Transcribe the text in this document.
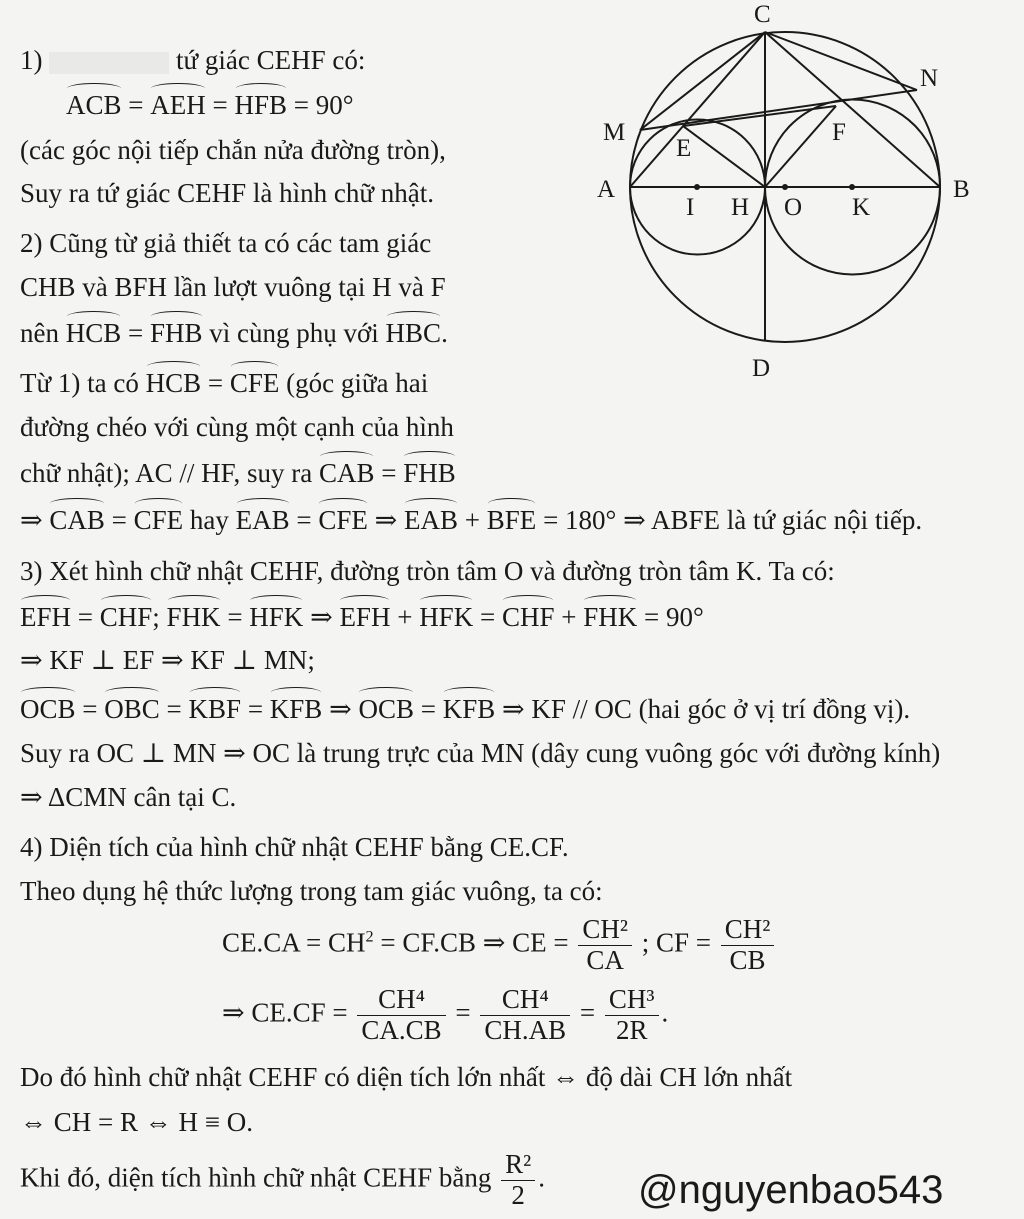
C
N
M
E
F
A	B
I H O K
D
1)	tứ giác CEHF có:
ACB = AEH = HFB = 90°
(các góc nội tiếp chắn nửa đường tròn),
Suy ra tứ giác CEHF là hình chữ nhật.
2) Cũng từ giả thiết ta có các tam giác
CHB và BFH lần lượt vuông tại H và F
nên HCB = FHB vì cùng phụ với HBC.
Từ 1) ta có HCB = CFE (góc giữa hai
đường chéo với cùng một cạnh của hình
chữ nhật); AC // HF, suy ra CAB = FHB
⇒ CAB = CFE hay EAB = CFE ⇒ EAB + BFE = 180° ⇒ ABFE là tứ giác nội tiếp.
3) Xét hình chữ nhật CEHF, đường tròn tâm O và đường tròn tâm K. Ta có:
EFH = CHF; FHK = HFK ⇒ EFH + HFK = CHF + FHK = 90°
⇒ KF ⊥ EF ⇒ KF ⊥ MN;
OCB = OBC = KBF = KFB ⇒ OCB = KFB ⇒ KF // OC (hai góc ở vị trí đồng vị).
Suy ra OC ⊥ MN ⇒ OC là trung trực của MN (dây cung vuông góc với đường kính)
⇒ ΔCMN cân tại C.
4) Diện tích của hình chữ nhật CEHF bằng CE.CF.
Theo dụng hệ thức lượng trong tam giác vuông, ta có:
$CE.CA = CH^2 = CF.CB$ ⇒ CE = $\frac{\text{CH²}}{CA}$ ; CF = $\frac{\text{CH²}}{CB}$
⇒ $CE.CF = \frac{\text{CH⁴}}{CA.CB} = \frac{\text{CH⁴}}{CH.AB} = \frac{\text{CH³}}{2R}$ .
Do đó hình chữ nhật CEHF có diện tích lớn nhất ⇔ độ dài CH lớn nhất
⇔ CH = R ⇔ H ≡ O.
Khi đó, diện tích hình chữ nhật CEHF bằng $\frac{\text{R²}}{2}$ . @nguyenbao543
